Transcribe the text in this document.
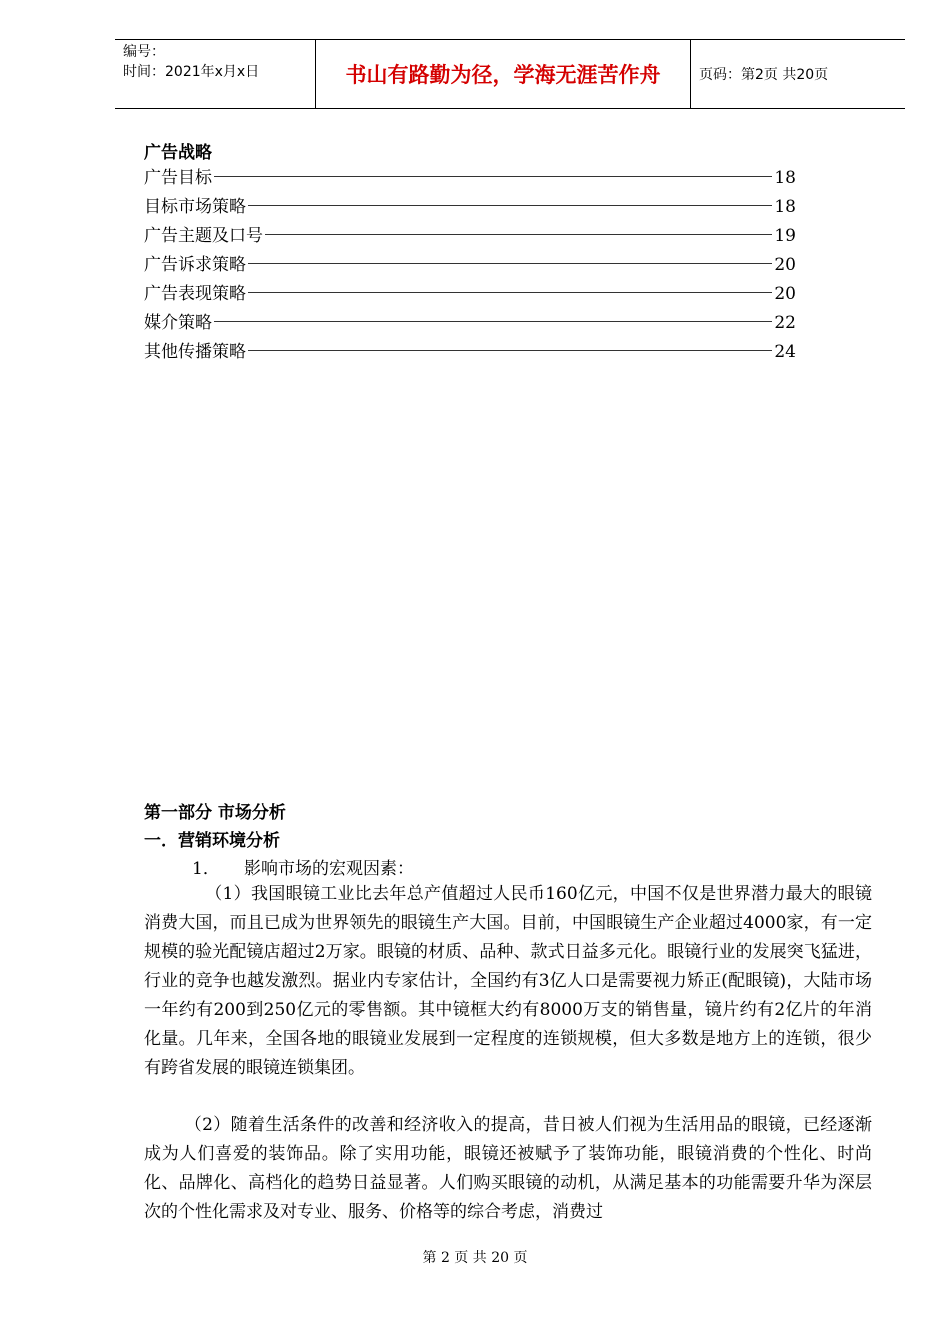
编号：
时间：2021年x月x日	书山有路勤为径，学海无涯苦作舟	页码：第2页 共20页
广告战略
广告目标	18
目标市场策略	18
广告主题及口号	19
广告诉求策略	20
广告表现策略	20
媒介策略	22
其他传播策略	24
第一部分 市场分析
一．营销环境分析
1． 影响市场的宏观因素：

（1）我国眼镜工业比去年总产值超过人民币160亿元，中国不仅是世界潜力最大的眼镜消费大国，而且已成为世界领先的眼镜生产大国。目前，中国眼镜生产企业超过4000家，有一定规模的验光配镜店超过2万家。眼镜的材质、品种、款式日益多元化。眼镜行业的发展突飞猛进，行业的竞争也越发激烈。据业内专家估计，全国约有3亿人口是需要视力矫正(配眼镜)，大陆市场一年约有200到250亿元的零售额。其中镜框大约有8000万支的销售量，镜片约有2亿片的年消化量。几年来，全国各地的眼镜业发展到一定程度的连锁规模，但大多数是地方上的连锁，很少有跨省发展的眼镜连锁集团。

（2）随着生活条件的改善和经济收入的提高，昔日被人们视为生活用品的眼镜，已经逐渐成为人们喜爱的装饰品。除了实用功能，眼镜还被赋予了装饰功能，眼镜消费的个性化、时尚化、品牌化、高档化的趋势日益显著。人们购买眼镜的动机，从满足基本的功能需要升华为深层次的个性化需求及对专业、服务、价格等的综合考虑，消费过

第 2 页 共 20 页
